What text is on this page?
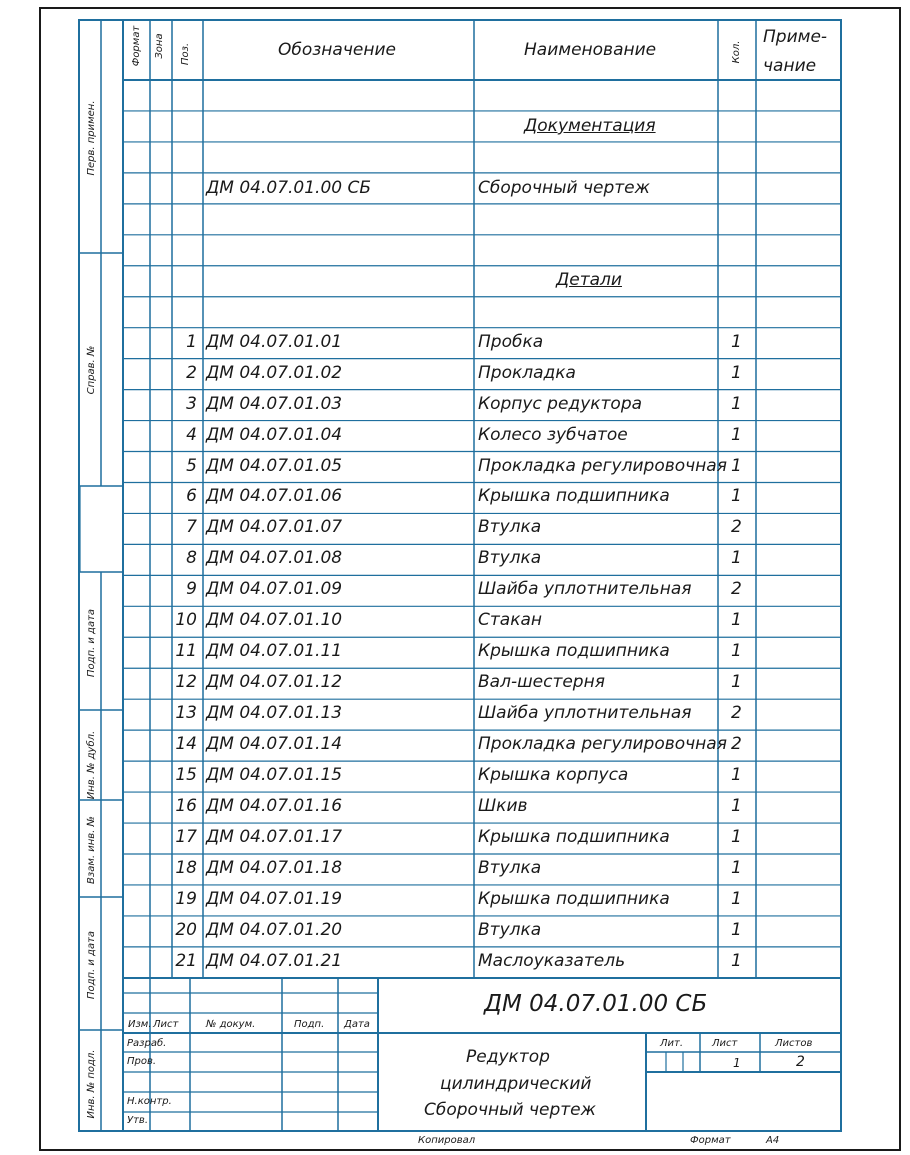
Перв. примен.
Справ. №
Подп. и дата
Инв. № дубл.
Взам. инв. №
Подп. и дата
Инв. № подл.
Формат Зона Поз.	Кол.
Обозначение	Наименование
Приме-
чание
Документация
ДМ 04.07.01.00 СБ	Сборочный чертеж
Детали
1 ДМ 04.07.01.01	Пробка	1
2 ДМ 04.07.01.02	Прокладка	1
3 ДМ 04.07.01.03	Корпус редуктора	1
4 ДМ 04.07.01.04	Колесо зубчатое	1
5 ДМ 04.07.01.05	Прокладка регулировочная 1
6 ДМ 04.07.01.06	Крышка подшипника	1
7 ДМ 04.07.01.07	Втулка	2
8 ДМ 04.07.01.08	Втулка	1
9 ДМ 04.07.01.09	Шайба уплотнительная 2
10 ДМ 04.07.01.10	Стакан	1
11 ДМ 04.07.01.11	Крышка подшипника	1
12 ДМ 04.07.01.12	Вал-шестерня	1
13 ДМ 04.07.01.13	Шайба уплотнительная 2
14 ДМ 04.07.01.14	Прокладка регулировочная 2
15 ДМ 04.07.01.15	Крышка корпуса	1
16 ДМ 04.07.01.16	Шкив	1
17 ДМ 04.07.01.17	Крышка подшипника	1
18 ДМ 04.07.01.18	Втулка	1
19 ДМ 04.07.01.19	Крышка подшипника	1
20 ДМ 04.07.01.20	Втулка	1
21 ДМ 04.07.01.21	Маслоуказатель	1
ДМ 04.07.01.00 СБ
Изм. Лист	№ докум.	Подп. Дата
Разраб.
Пров.
Н.контр.
Утв.
Редуктор
цилиндрический
Сборочный чертеж
Лит.	Лист	Листов
1	2
Копировал	Формат	А4
